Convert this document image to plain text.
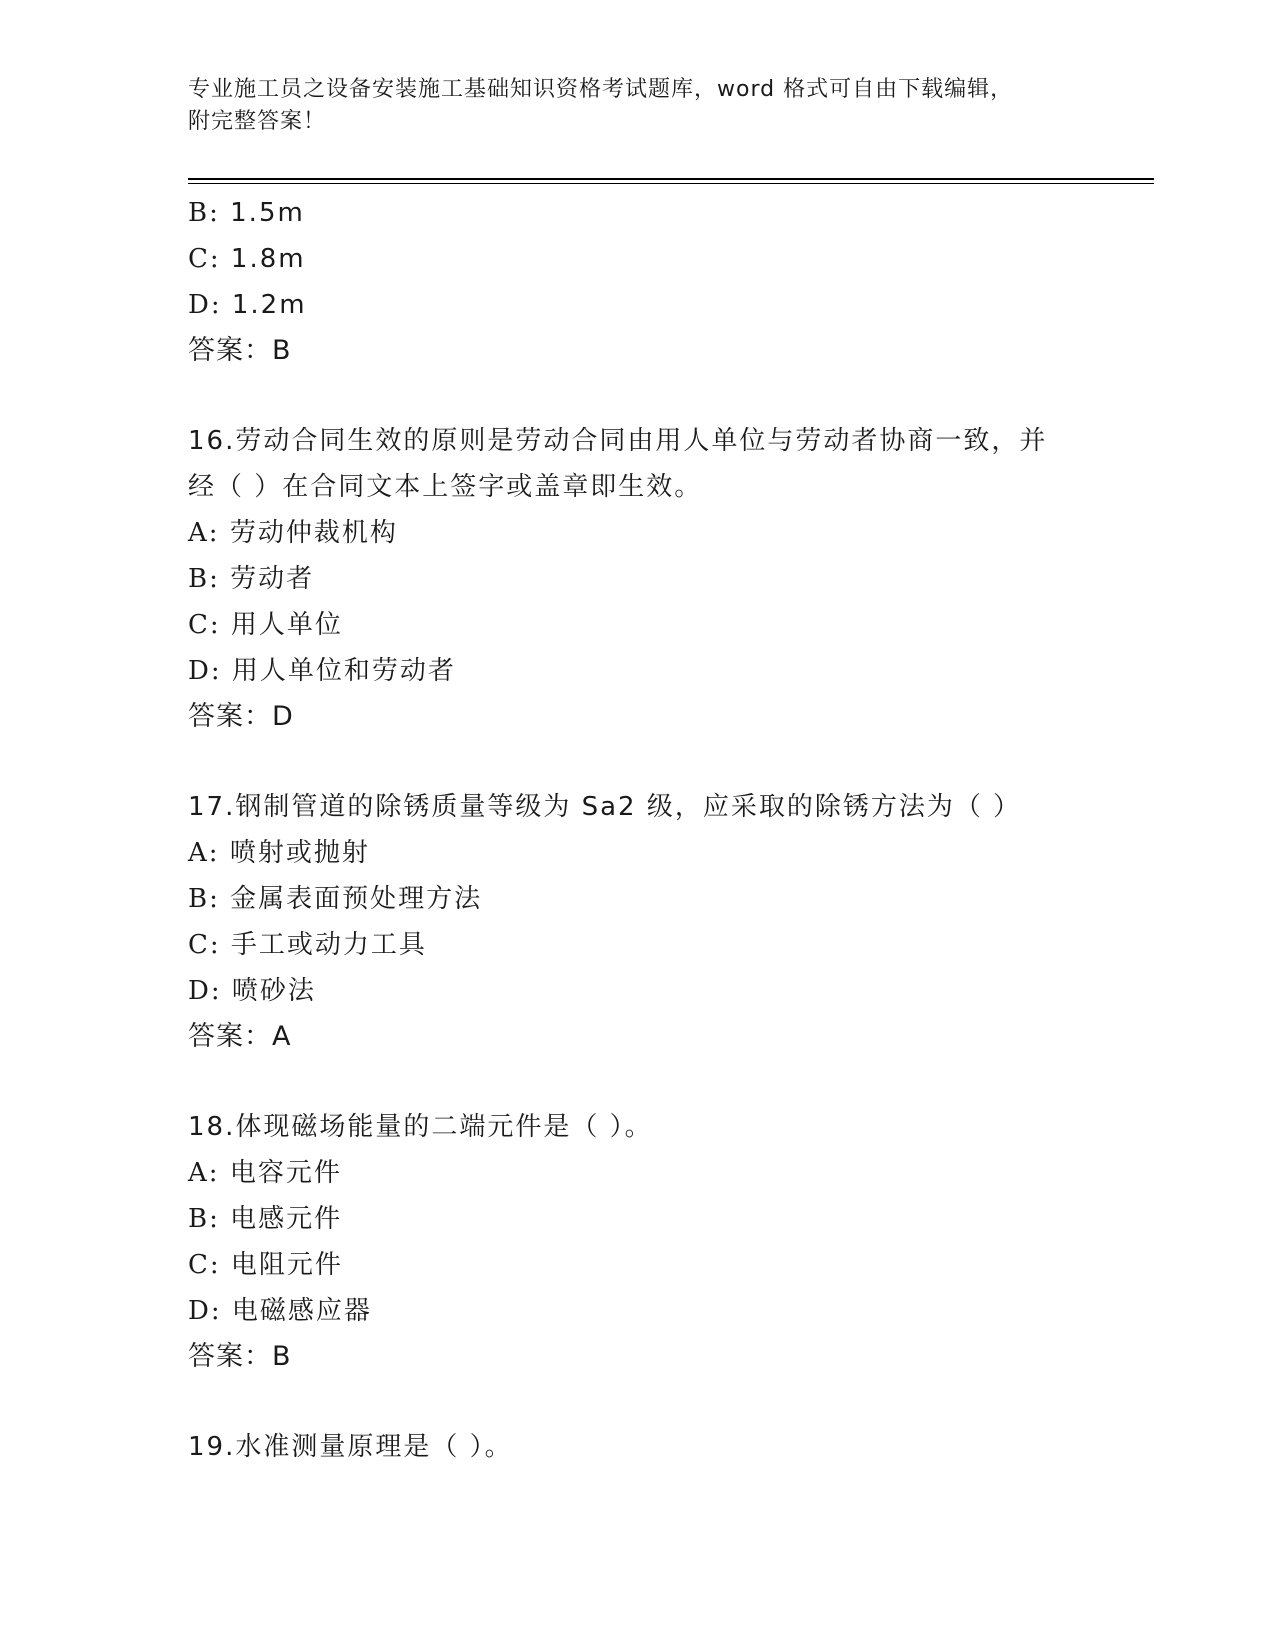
专业施工员之设备安装施工基础知识资格考试题库，word 格式可自由下载编辑，
附完整答案！
B: 1.5m
C: 1.8m
D: 1.2m
答案：B
16.劳动合同生效的原则是劳动合同由用人单位与劳动者协商一致，并
经（ ）在合同文本上签字或盖章即生效。
A: 劳动仲裁机构
B: 劳动者
C: 用人单位
D: 用人单位和劳动者
答案：D
17.钢制管道的除锈质量等级为 Sa2 级，应采取的除锈方法为（ ）
A: 喷射或抛射
B: 金属表面预处理方法
C: 手工或动力工具
D: 喷砂法
答案：A
18.体现磁场能量的二端元件是（ ）。
A: 电容元件
B: 电感元件
C: 电阻元件
D: 电磁感应器
答案：B
19.水准测量原理是（ ）。
